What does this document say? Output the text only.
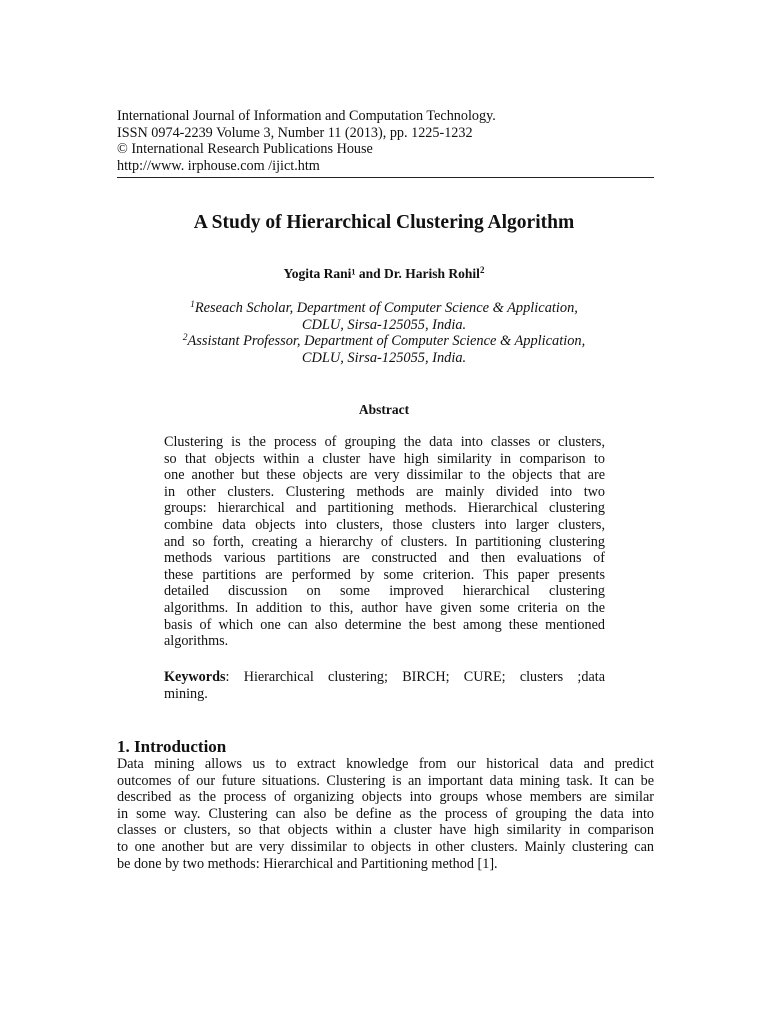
International Journal of Information and Computation Technology.
ISSN 0974-2239 Volume 3, Number 11 (2013), pp. 1225-1232
© International Research Publications House
http://www. irphouse.com /ijict.htm
A Study of Hierarchical Clustering Algorithm
Yogita Rani¹ and Dr. Harish Rohil$^2$
$^1$Reseach Scholar, Department of Computer Science & Application,
CDLU, Sirsa-125055, India.
$^2$Assistant Professor, Department of Computer Science & Application,
CDLU, Sirsa-125055, India.
Abstract
Clustering is the process of grouping the data into classes or clusters,
so that objects within a cluster have high similarity in comparison to
one another but these objects are very dissimilar to the objects that are
in other clusters. Clustering methods are mainly divided into two
groups: hierarchical and partitioning methods. Hierarchical clustering
combine data objects into clusters, those clusters into larger clusters,
and so forth, creating a hierarchy of clusters. In partitioning clustering
methods various partitions are constructed and then evaluations of
these partitions are performed by some criterion. This paper presents
detailed discussion on some improved hierarchical clustering
algorithms. In addition to this, author have given some criteria on the
basis of which one can also determine the best among these mentioned
algorithms.
Keywords: Hierarchical clustering; BIRCH; CURE; clusters ;data
mining.
1. Introduction
Data mining allows us to extract knowledge from our historical data and predict
outcomes of our future situations. Clustering is an important data mining task. It can be
described as the process of organizing objects into groups whose members are similar
in some way. Clustering can also be define as the process of grouping the data into
classes or clusters, so that objects within a cluster have high similarity in comparison
to one another but are very dissimilar to objects in other clusters. Mainly clustering can
be done by two methods: Hierarchical and Partitioning method [1].
